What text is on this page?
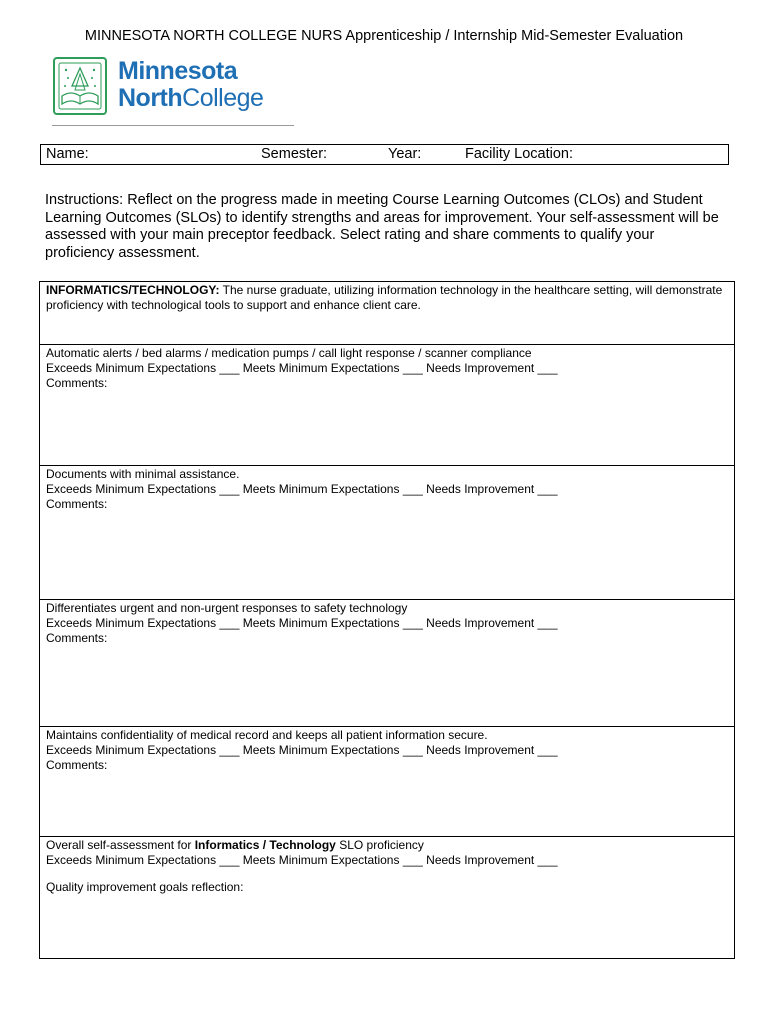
MINNESOTA NORTH COLLEGE NURS Apprenticeship / Internship Mid-Semester Evaluation
Minnesota
NorthCollege
Name:	Semester:	Year:	Facility Location:
Instructions: Reflect on the progress made in meeting Course Learning Outcomes (CLOs) and Student Learning Outcomes (SLOs) to identify strengths and areas for improvement. Your self-assessment will be assessed with your main preceptor feedback. Select rating and share comments to qualify your proficiency assessment.
INFORMATICS/TECHNOLOGY: The nurse graduate, utilizing information technology in the healthcare setting, will demonstrate proficiency with technological tools to support and enhance client care.
Automatic alerts / bed alarms / medication pumps / call light response / scanner compliance
Exceeds Minimum Expectations ___ Meets Minimum Expectations ___ Needs Improvement ___
Comments:
Documents with minimal assistance.
Exceeds Minimum Expectations ___ Meets Minimum Expectations ___ Needs Improvement ___
Comments:
Differentiates urgent and non-urgent responses to safety technology
Exceeds Minimum Expectations ___ Meets Minimum Expectations ___ Needs Improvement ___
Comments:
Maintains confidentiality of medical record and keeps all patient information secure.
Exceeds Minimum Expectations ___ Meets Minimum Expectations ___ Needs Improvement ___
Comments:
Overall self-assessment for Informatics / Technology SLO proficiency
Exceeds Minimum Expectations ___ Meets Minimum Expectations ___ Needs Improvement ___
Quality improvement goals reflection:
